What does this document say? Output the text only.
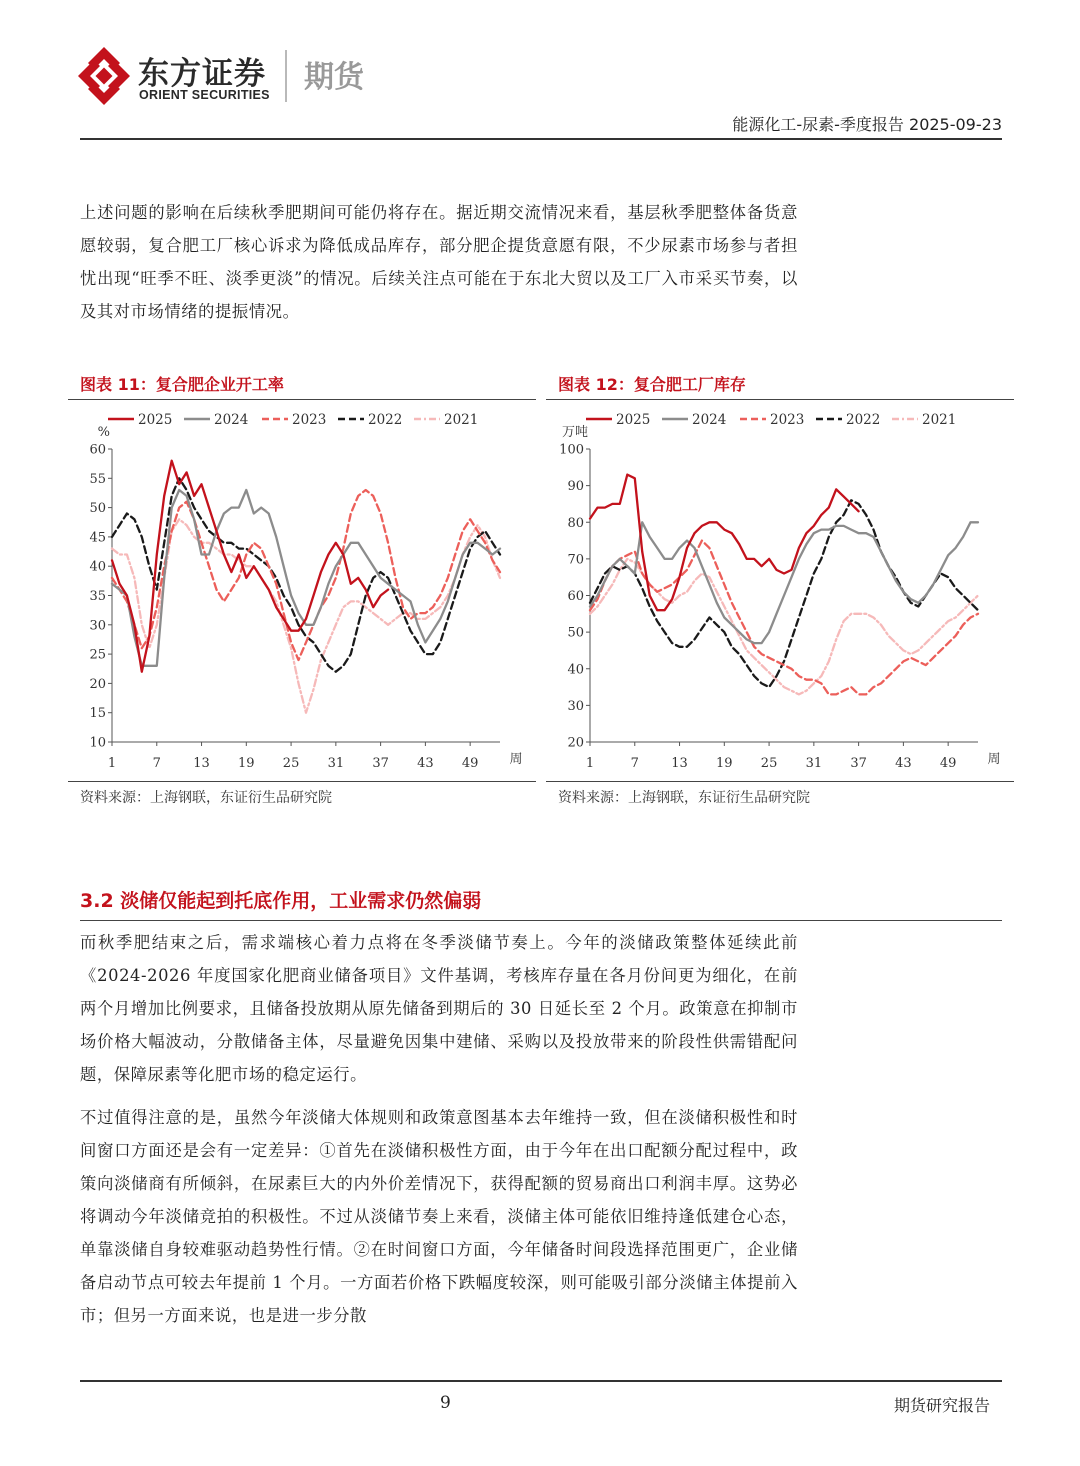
东方证券
ORIENT SECURITIES 期货
能源化工-尿素-季度报告 2025-09-23

上述问题的影响在后续秋季肥期间可能仍将存在。据近期交流情况来看，基层秋季肥整体备货意愿较弱，复合肥工厂核心诉求为降低成品库存，部分肥企提货意愿有限，不少尿素市场参与者担忧出现“旺季不旺、淡季更淡”的情况。后续关注点可能在于东北大贸以及工厂入市采买节奏，以及其对市场情绪的提振情况。

图表 11：复合肥企业开工率
2025	2024	2023	2022	2021
%
10
15
20
25
30
35
40
45
50
55
60
1	7 13 19 25 31 37 43 49 周
资料来源：上海钢联，东证衍生品研究院
图表 12：复合肥工厂库存
2025	2024	2023	2022	2021
万吨
20
30
40
50
60
70
80
90
100
1	7 13 19 25 31 37 43 49 周
资料来源：上海钢联，东证衍生品研究院
3.2 淡储仅能起到托底作用，工业需求仍然偏弱

而秋季肥结束之后，需求端核心着力点将在冬季淡储节奏上。今年的淡储政策整体延续此前《2024-2026 年度国家化肥商业储备项目》文件基调，考核库存量在各月份间更为细化，在前两个月增加比例要求，且储备投放期从原先储备到期后的 30 日延长至 2 个月。政策意在抑制市场价格大幅波动，分散储备主体，尽量避免因集中建储、采购以及投放带来的阶段性供需错配问题，保障尿素等化肥市场的稳定运行。

不过值得注意的是，虽然今年淡储大体规则和政策意图基本去年维持一致，但在淡储积极性和时间窗口方面还是会有一定差异：①首先在淡储积极性方面，由于今年在出口配额分配过程中，政策向淡储商有所倾斜，在尿素巨大的内外价差情况下，获得配额的贸易商出口利润丰厚。这势必将调动今年淡储竞拍的积极性。不过从淡储节奏上来看，淡储主体可能依旧维持逢低建仓心态，单靠淡储自身较难驱动趋势性行情。②在时间窗口方面，今年储备时间段选择范围更广，企业储备启动节点可较去年提前 1 个月。一方面若价格下跌幅度较深，则可能吸引部分淡储主体提前入市；但另一方面来说，也是进一步分散

9	期货研究报告
